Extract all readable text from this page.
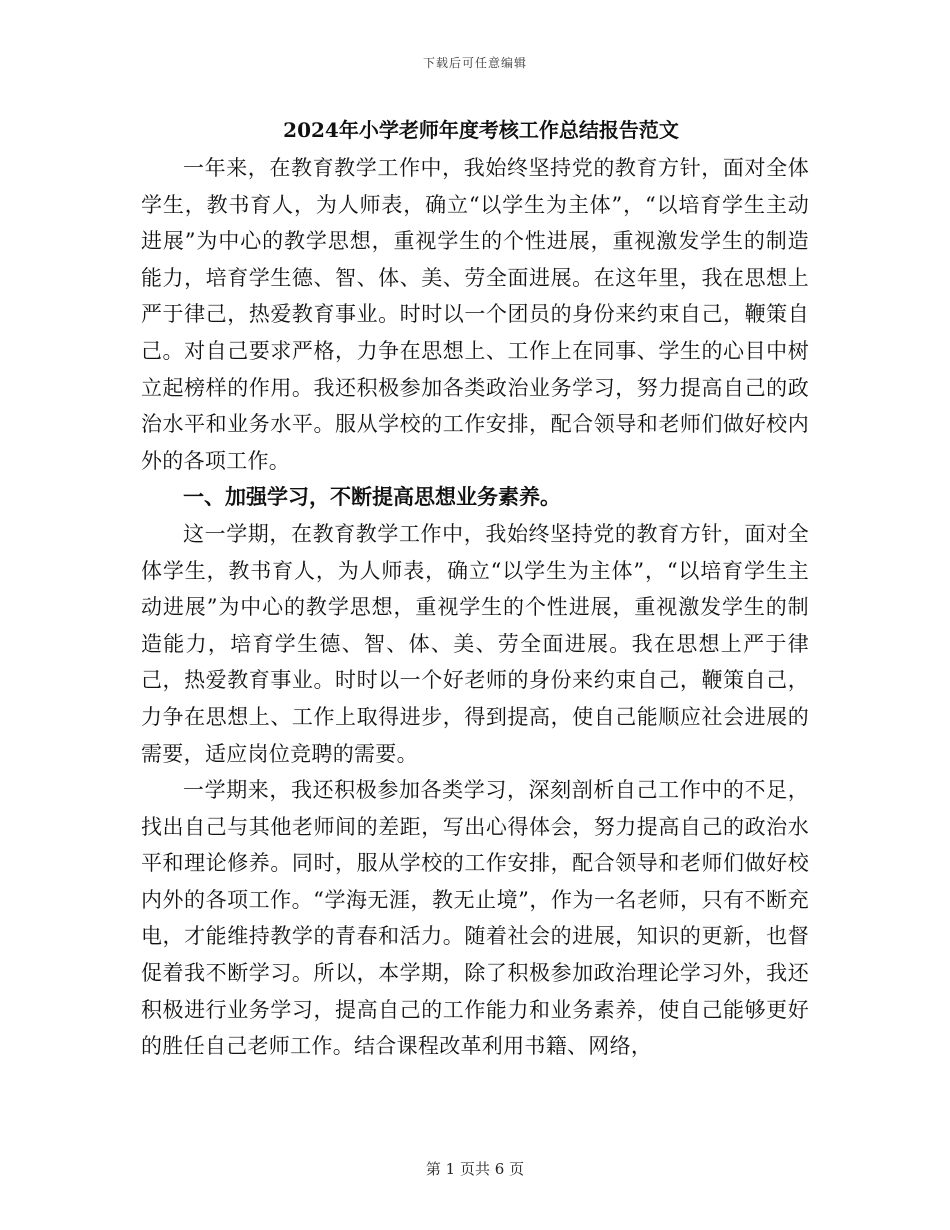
下载后可任意编辑
2024年小学老师年度考核工作总结报告范文

一年来，在教育教学工作中，我始终坚持党的教育方针，面对全体学生，教书育人，为人师表，确立“以学生为主体”，“以培育学生主动进展”为中心的教学思想，重视学生的个性进展，重视激发学生的制造能力，培育学生德、智、体、美、劳全面进展。在这年里，我在思想上严于律己，热爱教育事业。时时以一个团员的身份来约束自己，鞭策自己。对自己要求严格，力争在思想上、工作上在同事、学生的心目中树立起榜样的作用。我还积极参加各类政治业务学习，努力提高自己的政治水平和业务水平。服从学校的工作安排，配合领导和老师们做好校内外的各项工作。

一、加强学习，不断提高思想业务素养。

这一学期，在教育教学工作中，我始终坚持党的教育方针，面对全体学生，教书育人，为人师表，确立“以学生为主体”，“以培育学生主动进展”为中心的教学思想，重视学生的个性进展，重视激发学生的制造能力，培育学生德、智、体、美、劳全面进展。我在思想上严于律己，热爱教育事业。时时以一个好老师的身份来约束自己，鞭策自己，力争在思想上、工作上取得进步，得到提高，使自己能顺应社会进展的需要，适应岗位竞聘的需要。

一学期来，我还积极参加各类学习，深刻剖析自己工作中的不足，找出自己与其他老师间的差距，写出心得体会，努力提高自己的政治水平和理论修养。同时，服从学校的工作安排，配合领导和老师们做好校内外的各项工作。“学海无涯，教无止境”，作为一名老师，只有不断充电，才能维持教学的青春和活力。随着社会的进展，知识的更新，也督促着我不断学习。所以，本学期，除了积极参加政治理论学习外，我还积极进行业务学习，提高自己的工作能力和业务素养，使自己能够更好的胜任自己老师工作。结合课程改革利用书籍、网络，

第 1 页共 6 页
